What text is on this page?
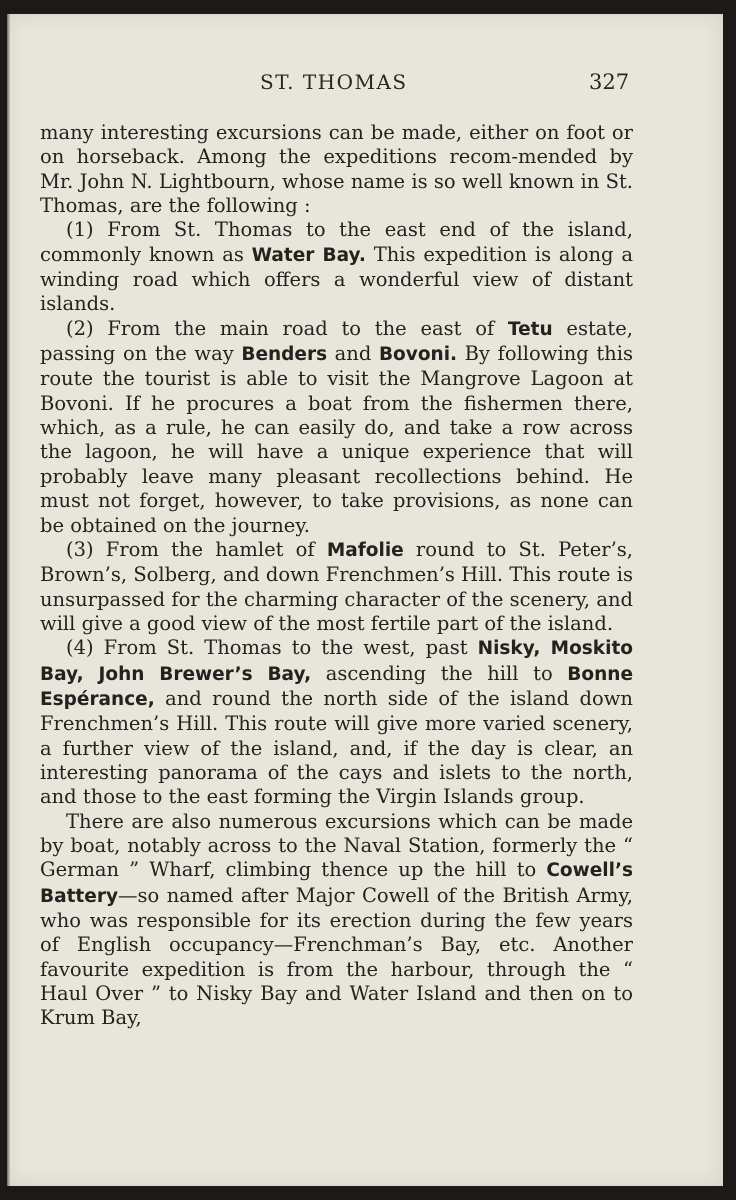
ST. THOMAS	327

many interesting excursions can be made, either on foot or on horseback. Among the expeditions recom-mended by Mr. John N. Lightbourn, whose name is so well known in St. Thomas, are the following :

(1) From St. Thomas to the east end of the island, commonly known as Water Bay. This expedition is along a winding road which offers a wonderful view of distant islands.

(2) From the main road to the east of Tetu estate, passing on the way Benders and Bovoni. By following this route the tourist is able to visit the Mangrove Lagoon at Bovoni. If he procures a boat from the fishermen there, which, as a rule, he can easily do, and take a row across the lagoon, he will have a unique experience that will probably leave many pleasant recollections behind. He must not forget, however, to take provisions, as none can be obtained on the journey.

(3) From the hamlet of Mafolie round to St. Peter’s, Brown’s, Solberg, and down Frenchmen’s Hill. This route is unsurpassed for the charming character of the scenery, and will give a good view of the most fertile part of the island.

(4) From St. Thomas to the west, past Nisky, Moskito Bay, John Brewer’s Bay, ascending the hill to Bonne Espérance, and round the north side of the island down Frenchmen’s Hill. This route will give more varied scenery, a further view of the island, and, if the day is clear, an interesting panorama of the cays and islets to the north, and those to the east forming the Virgin Islands group.

There are also numerous excursions which can be made by boat, notably across to the Naval Station, formerly the “ German ” Wharf, climbing thence up the hill to Cowell’s Battery—so named after Major Cowell of the British Army, who was responsible for its erection during the few years of English occupancy—Frenchman’s Bay, etc. Another favourite expedition is from the harbour, through the “ Haul Over ” to Nisky Bay and Water Island and then on to Krum Bay,
